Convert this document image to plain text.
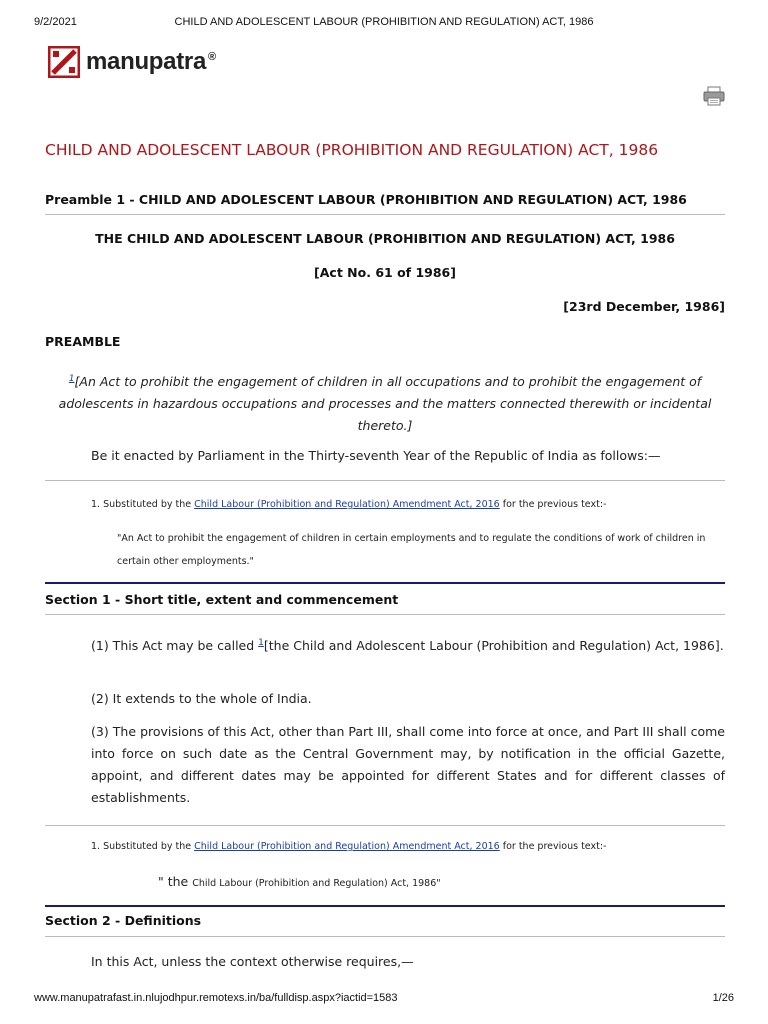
9/2/2021	CHILD AND ADOLESCENT LABOUR (PROHIBITION AND REGULATION) ACT, 1986
manupatra ®
CHILD AND ADOLESCENT LABOUR (PROHIBITION AND REGULATION) ACT, 1986
Preamble 1 - CHILD AND ADOLESCENT LABOUR (PROHIBITION AND REGULATION) ACT, 1986
THE CHILD AND ADOLESCENT LABOUR (PROHIBITION AND REGULATION) ACT, 1986
[Act No. 61 of 1986]
[23rd December, 1986]
PREAMBLE

$^1$[An Act to prohibit the engagement of children in all occupations and to prohibit the engagement of adolescents in hazardous occupations and processes and the matters connected therewith or incidental thereto.]

Be it enacted by Parliament in the Thirty-seventh Year of the Republic of India as follows:—

1. Substituted by the Child Labour (Prohibition and Regulation) Amendment Act, 2016 for the previous text:-

"An Act to prohibit the engagement of children in certain employments and to regulate the conditions of work of children in certain other employments."

Section 1 - Short title, extent and commencement

(1) This Act may be called $^1$[the Child and Adolescent Labour (Prohibition and Regulation) Act, 1986].

(2) It extends to the whole of India.

(3) The provisions of this Act, other than Part III, shall come into force at once, and Part III shall come into force on such date as the Central Government may, by notification in the official Gazette, appoint, and different dates may be appointed for different States and for different classes of establishments.

1. Substituted by the Child Labour (Prohibition and Regulation) Amendment Act, 2016 for the previous text:-
" the Child Labour (Prohibition and Regulation) Act, 1986"
Section 2 - Definitions

In this Act, unless the context otherwise requires,—

www.manupatrafast.in.nlujodhpur.remotexs.in/ba/fulldisp.aspx?iactid=1583	1/26
